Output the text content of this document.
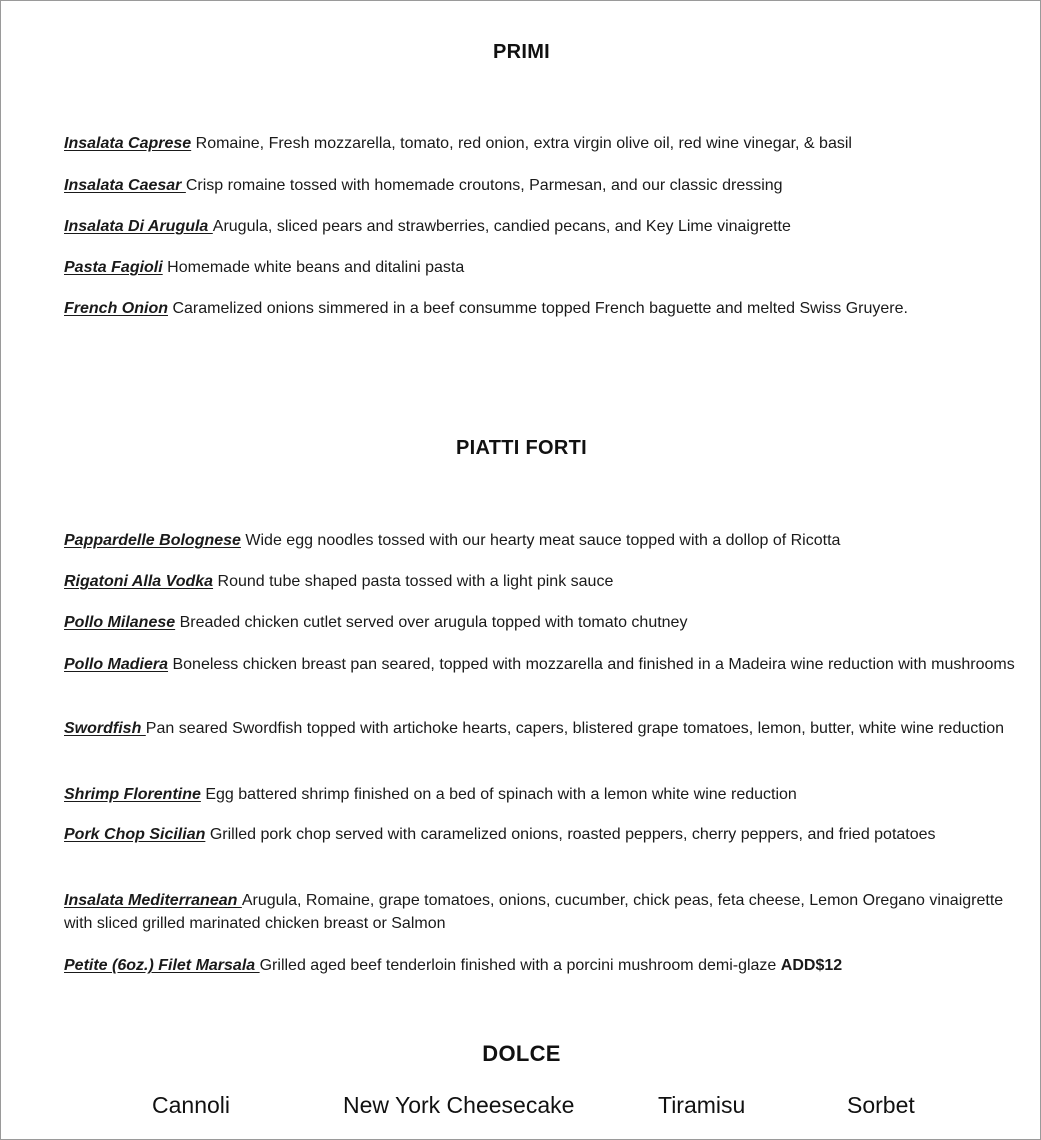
PRIMI
Insalata Caprese Romaine, Fresh mozzarella, tomato, red onion, extra virgin olive oil, red wine vinegar, & basil
Insalata Caesar Crisp romaine tossed with homemade croutons, Parmesan, and our classic dressing
Insalata Di Arugula Arugula, sliced pears and strawberries, candied pecans, and Key Lime vinaigrette
Pasta Fagioli Homemade white beans and ditalini pasta
French Onion Caramelized onions simmered in a beef consumme topped French baguette and melted Swiss Gruyere.
PIATTI FORTI
Pappardelle Bolognese Wide egg noodles tossed with our hearty meat sauce topped with a dollop of Ricotta
Rigatoni Alla Vodka Round tube shaped pasta tossed with a light pink sauce
Pollo Milanese Breaded chicken cutlet served over arugula topped with tomato chutney
Pollo Madiera Boneless chicken breast pan seared, topped with mozzarella and finished in a Madeira wine reduction with mushrooms
Swordfish Pan seared Swordfish topped with artichoke hearts, capers, blistered grape tomatoes, lemon, butter, white wine reduction
Shrimp Florentine Egg battered shrimp finished on a bed of spinach with a lemon white wine reduction
Pork Chop Sicilian Grilled pork chop served with caramelized onions, roasted peppers, cherry peppers, and fried potatoes
Insalata Mediterranean Arugula, Romaine, grape tomatoes, onions, cucumber, chick peas, feta cheese, Lemon Oregano vinaigrette with sliced grilled marinated chicken breast or Salmon
Petite (6oz.) Filet Marsala Grilled aged beef tenderloin finished with a porcini mushroom demi-glaze ADD$12
DOLCE
Cannoli	New York Cheesecake	Tiramisu	Sorbet
